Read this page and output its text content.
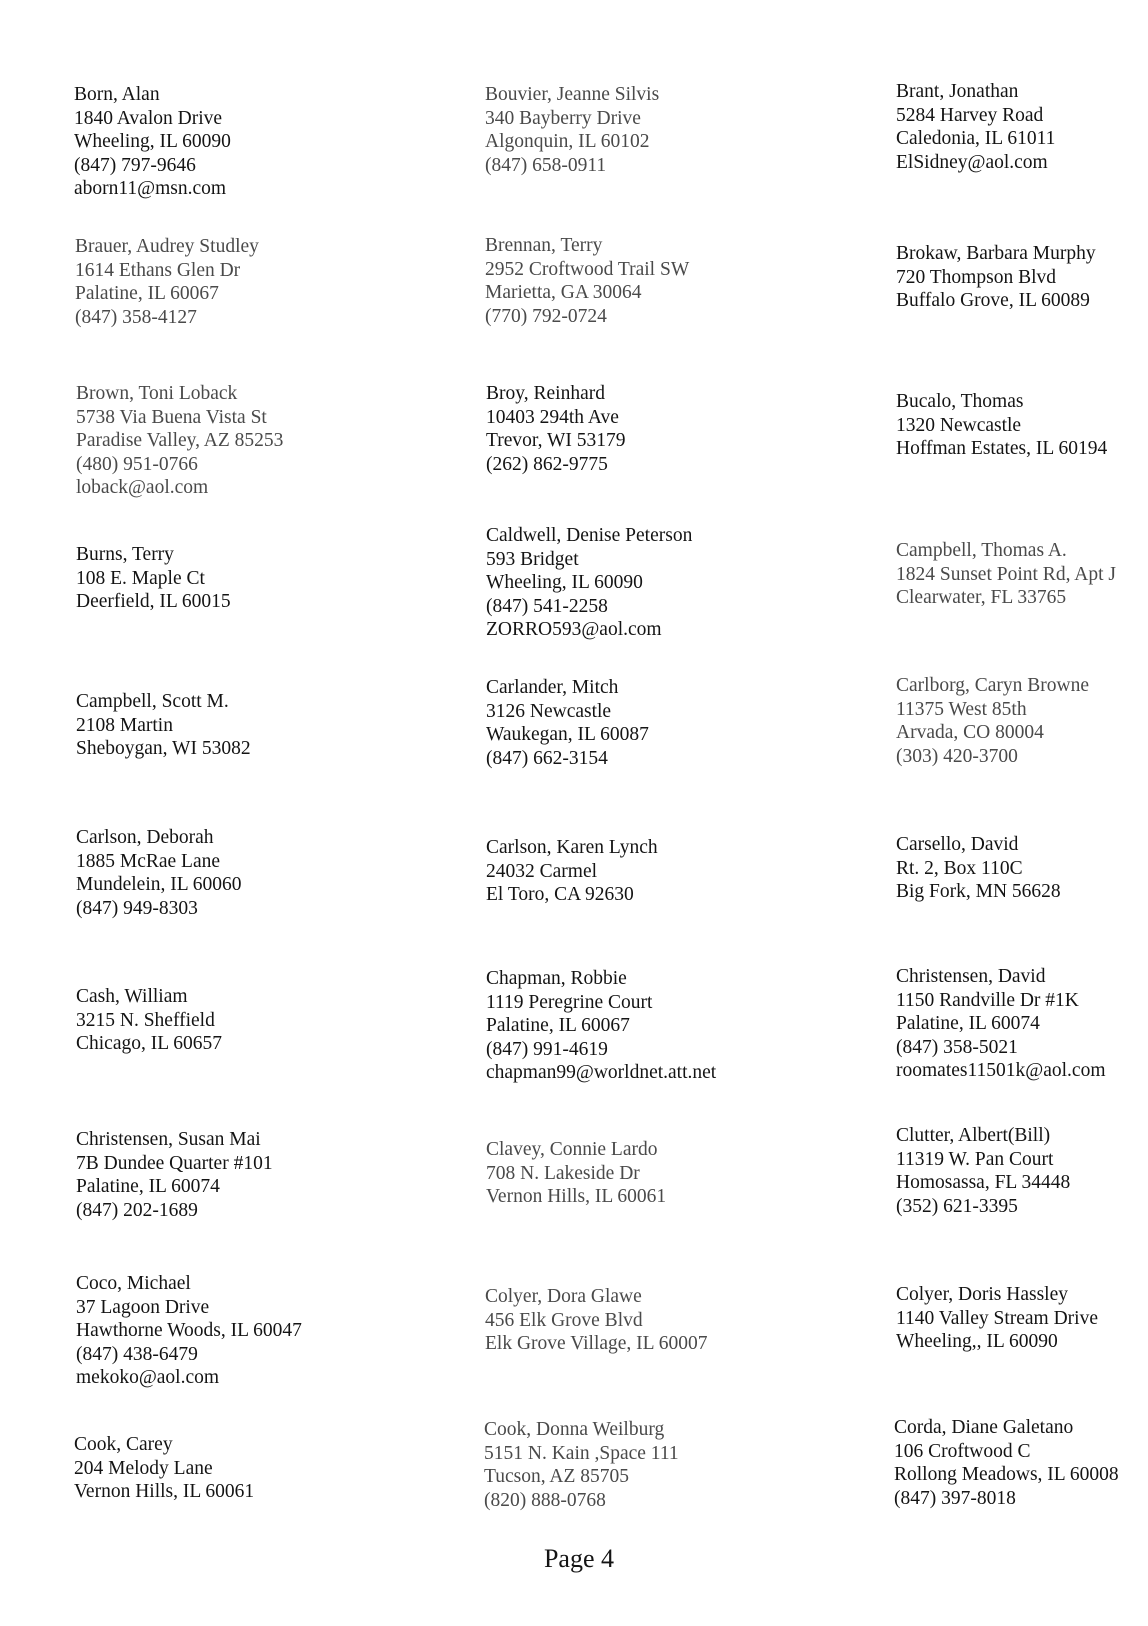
Born, Alan
1840 Avalon Drive
Wheeling, IL 60090
(847) 797-9646
aborn11@msn.com
Bouvier, Jeanne Silvis
340 Bayberry Drive
Algonquin, IL 60102
(847) 658-0911
Brant, Jonathan
5284 Harvey Road
Caledonia, IL 61011
ElSidney@aol.com
Brauer, Audrey Studley
1614 Ethans Glen Dr
Palatine, IL 60067
(847) 358-4127
Brennan, Terry
2952 Croftwood Trail SW
Marietta, GA 30064
(770) 792-0724
Brokaw, Barbara Murphy
720 Thompson Blvd
Buffalo Grove, IL 60089
Brown, Toni Loback
5738 Via Buena Vista St
Paradise Valley, AZ 85253
(480) 951-0766
loback@aol.com
Broy, Reinhard
10403 294th Ave
Trevor, WI 53179
(262) 862-9775
Bucalo, Thomas
1320 Newcastle
Hoffman Estates, IL 60194
Burns, Terry
108 E. Maple Ct
Deerfield, IL 60015
Caldwell, Denise Peterson
593 Bridget
Wheeling, IL 60090
(847) 541-2258
ZORRO593@aol.com
Campbell, Thomas A.
1824 Sunset Point Rd, Apt J
Clearwater, FL 33765
Campbell, Scott M.
2108 Martin
Sheboygan, WI 53082
Carlander, Mitch
3126 Newcastle
Waukegan, IL 60087
(847) 662-3154
Carlborg, Caryn Browne
11375 West 85th
Arvada, CO 80004
(303) 420-3700
Carlson, Deborah
1885 McRae Lane
Mundelein, IL 60060
(847) 949-8303
Carlson, Karen Lynch
24032 Carmel
El Toro, CA 92630
Carsello, David
Rt. 2, Box 110C
Big Fork, MN 56628
Cash, William
3215 N. Sheffield
Chicago, IL 60657
Chapman, Robbie
1119 Peregrine Court
Palatine, IL 60067
(847) 991-4619
chapman99@worldnet.att.net
Christensen, David
1150 Randville Dr #1K
Palatine, IL 60074
(847) 358-5021
roomates11501k@aol.com
Christensen, Susan Mai
7B Dundee Quarter #101
Palatine, IL 60074
(847) 202-1689
Clavey, Connie Lardo
708 N. Lakeside Dr
Vernon Hills, IL 60061
Clutter, Albert(Bill)
11319 W. Pan Court
Homosassa, FL 34448
(352) 621-3395
Coco, Michael
37 Lagoon Drive
Hawthorne Woods, IL 60047
(847) 438-6479
mekoko@aol.com
Colyer, Dora Glawe
456 Elk Grove Blvd
Elk Grove Village, IL 60007
Colyer, Doris Hassley
1140 Valley Stream Drive
Wheeling,, IL 60090
Cook, Carey
204 Melody Lane
Vernon Hills, IL 60061
Cook, Donna Weilburg
5151 N. Kain ,Space 111
Tucson, AZ 85705
(820) 888-0768
Corda, Diane Galetano
106 Croftwood C
Rollong Meadows, IL 60008
(847) 397-8018
Page 4
